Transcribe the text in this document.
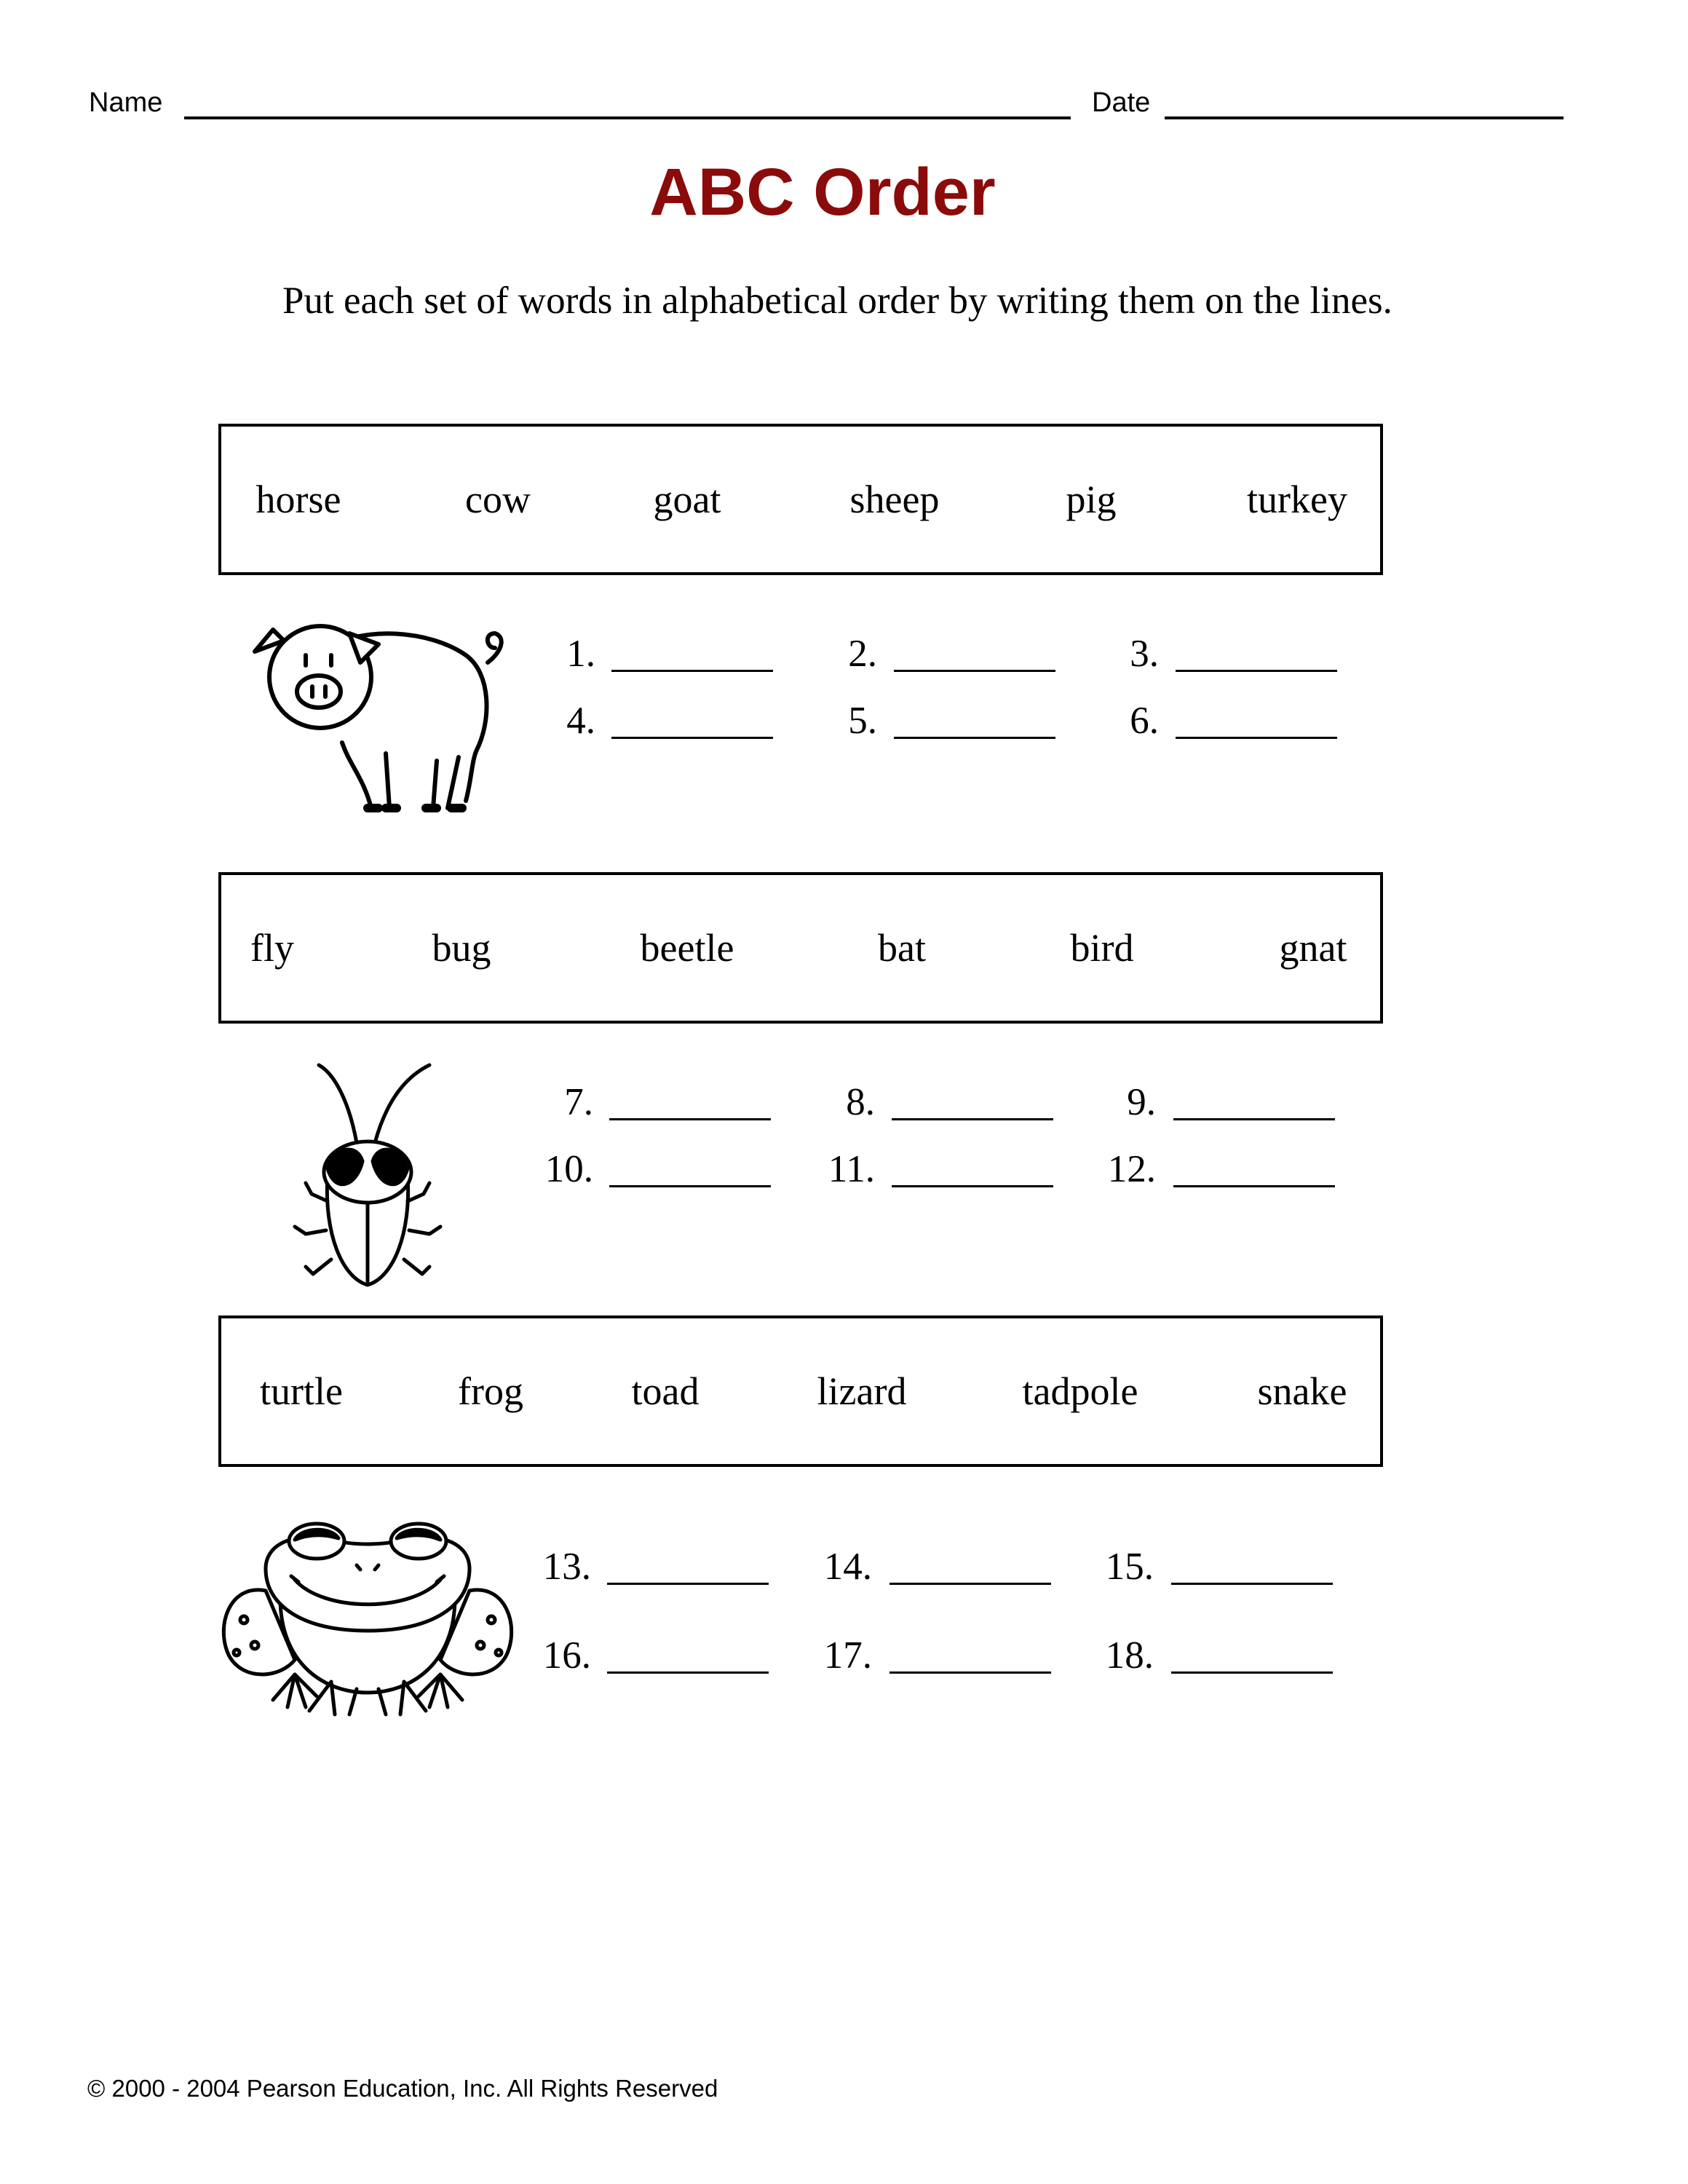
Name	Date
ABC Order
Put each set of words in alphabetical order by writing them on the lines.
horse	cow	goat	sheep	pig	turkey
1.	2.	3.
4.	5.	6.
fly	bug	beetle	bat	bird	gnat
7.	8.	9.
10.	11.	12.
turtle	frog	toad	lizard	tadpole	snake
13.	14.	15.
16.	17.	18.
© 2000 - 2004 Pearson Education, Inc. All Rights Reserved
